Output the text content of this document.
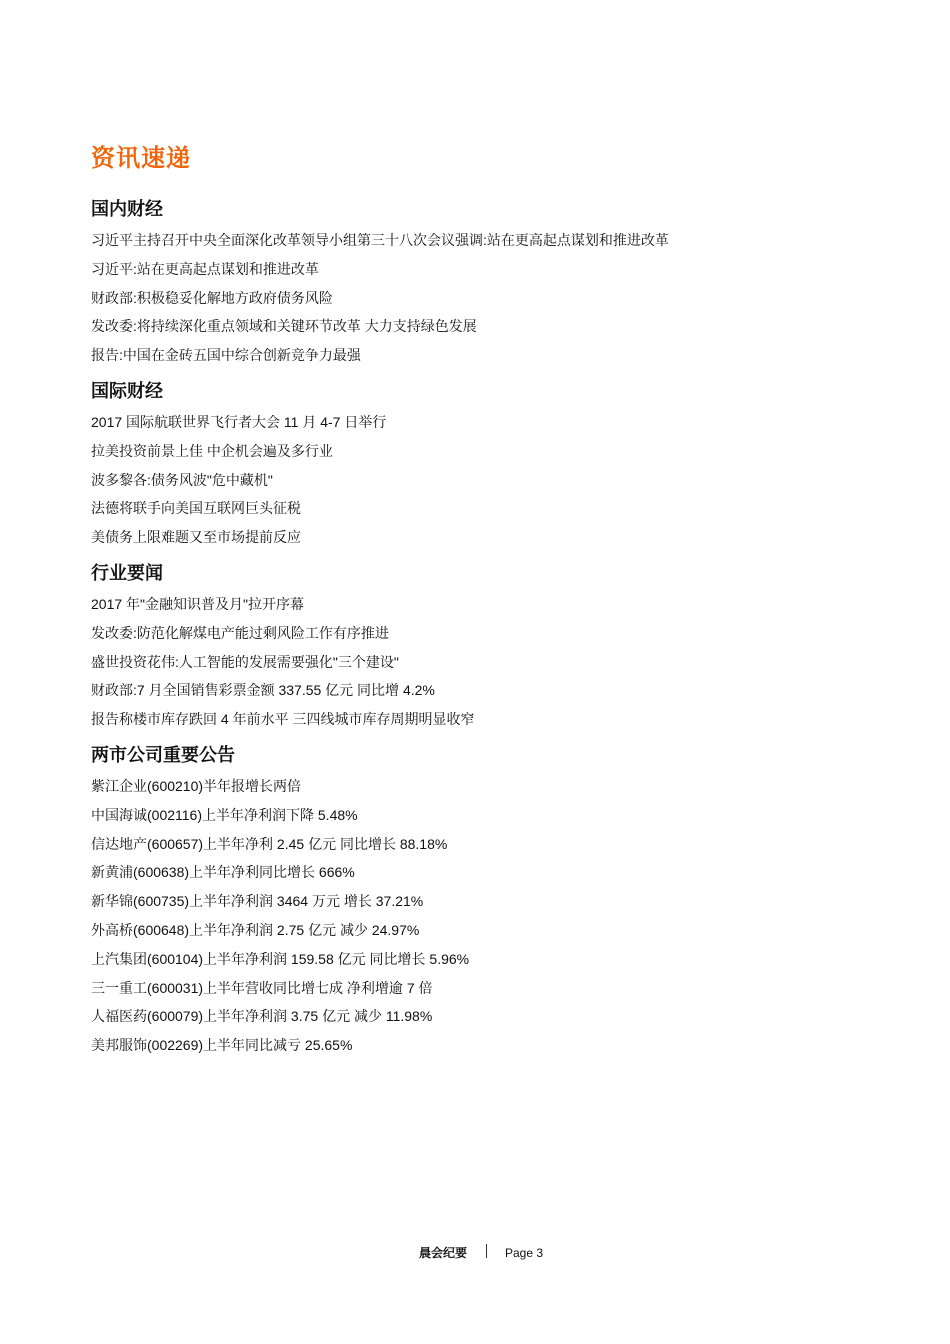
资讯速递
国内财经
习近平主持召开中央全面深化改革领导小组第三十八次会议强调:站在更高起点谋划和推进改革
习近平:站在更高起点谋划和推进改革
财政部:积极稳妥化解地方政府债务风险
发改委:将持续深化重点领域和关键环节改革 大力支持绿色发展
报告:中国在金砖五国中综合创新竞争力最强
国际财经
2017 国际航联世界飞行者大会 11 月 4-7 日举行
拉美投资前景上佳 中企机会遍及多行业
波多黎各:债务风波"危中藏机"
法德将联手向美国互联网巨头征税
美债务上限难题又至市场提前反应
行业要闻
2017 年"金融知识普及月"拉开序幕
发改委:防范化解煤电产能过剩风险工作有序推进
盛世投资花伟:人工智能的发展需要强化"三个建设"
财政部:7 月全国销售彩票金额 337.55 亿元 同比增 4.2%
报告称楼市库存跌回 4 年前水平 三四线城市库存周期明显收窄
两市公司重要公告
紫江企业(600210)半年报增长两倍
中国海诚(002116)上半年净利润下降 5.48%
信达地产(600657)上半年净利 2.45 亿元 同比增长 88.18%
新黄浦(600638)上半年净利同比增长 666%
新华锦(600735)上半年净利润 3464 万元 增长 37.21%
外高桥(600648)上半年净利润 2.75 亿元 减少 24.97%
上汽集团(600104)上半年净利润 159.58 亿元 同比增长 5.96%
三一重工(600031)上半年营收同比增七成 净利增逾 7 倍
人福医药(600079)上半年净利润 3.75 亿元 减少 11.98%
美邦服饰(002269)上半年同比减亏 25.65%
晨会纪要	Page 3
